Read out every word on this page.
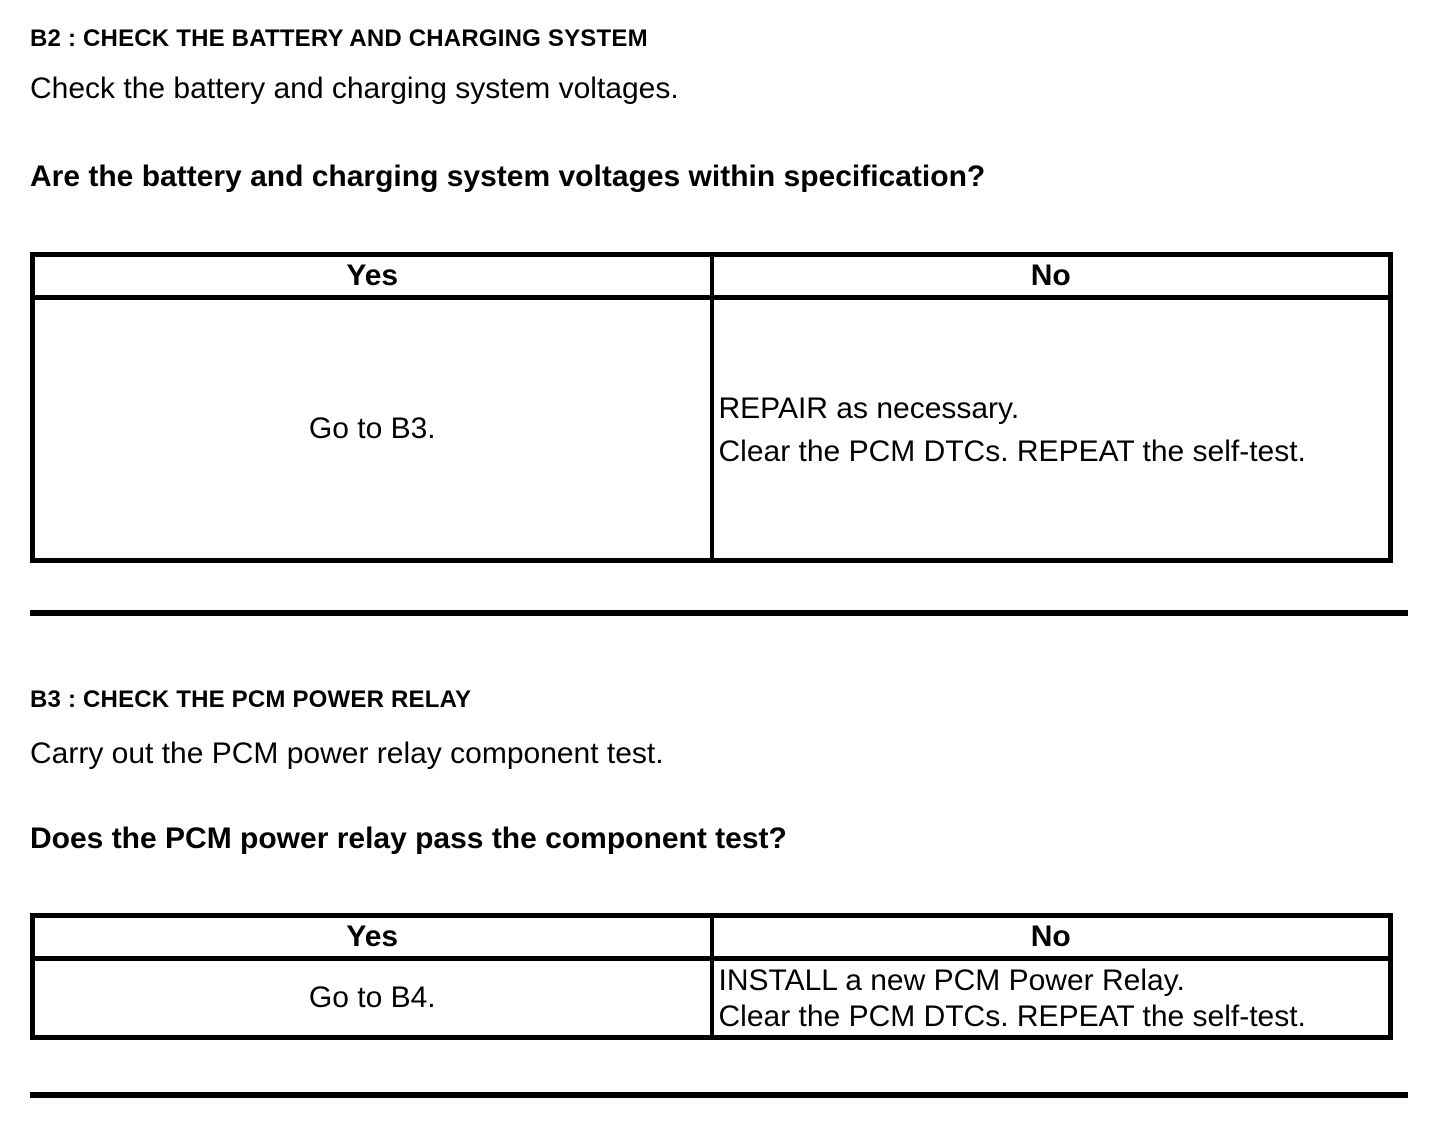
B2 : CHECK THE BATTERY AND CHARGING SYSTEM

Check the battery and charging system voltages.

Are the battery and charging system voltages within specification?

Yes	No
Go to B3.	REPAIR as necessary.
Clear the PCM DTCs. REPEAT the self-test.
B3 : CHECK THE PCM POWER RELAY

Carry out the PCM power relay component test.

Does the PCM power relay pass the component test?

Yes	No
Go to B4.	INSTALL a new PCM Power Relay.
Clear the PCM DTCs. REPEAT the self-test.
